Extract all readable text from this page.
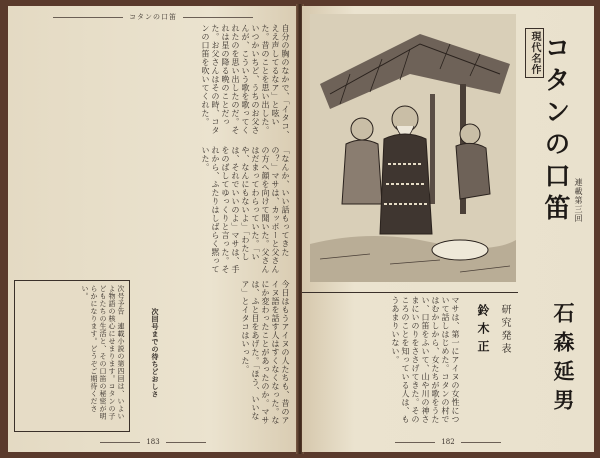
コタンの口笛
自分の胸のなかで、「イタコ、ええ声してるなア」と呟いた。昔のことを思い出した。いつかいちど、うちのお父さんが、こういう歌を歌ってくれたのを思い出したのだ。それは星の降る晩のことだった。お父さんはその時、コタンの口笛を吹いてくれた。
「なんか、いい話もってきたの？」マサは、カッポーと父さんの方へ顔を向けて聞いた。父さんはだまってわらっていた。「いや、なんにもないよ」「わたしは、それでいいのよ」マサは、手をのばしてゆっくりと言った。それから、ふたりはしばらく黙っていた。
今日はもうアイヌの人たちも、昔のアイヌ語を話す人はすくなくなった。なにか変わったことがあったのか。マサは、ふと目をあげた。「ほう、いいなア」とイタコはいった。
次回号までの待ちどおしさ
次号予告　連載小説の第四回は、いよいよ物語の核心にせまります。コタンの子どもたちの生活と、その口笛の秘密が明らかになります。どうぞご期待ください。
183
現代名作 コタンの口笛 連載第三回
マサは、第一にアイヌの女性について話しはじめた。コタンの村ではむかしから、女たちが歌をうたい、口笛をふいて、山や川の神さまにいのりをささげてきた。そのころのことを知っている人は、もうあまりいない。	鈴木正 研究発表 石森延男
182
